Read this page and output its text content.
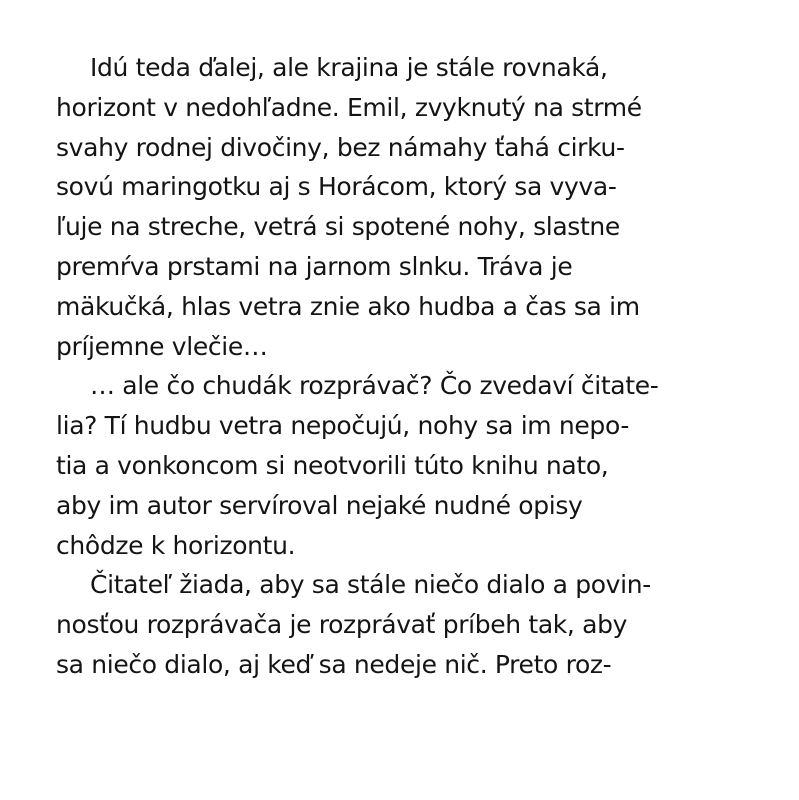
Idú teda ďalej, ale krajina je stále rovnaká,
horizont v nedohľadne. Emil, zvyknutý na strmé
svahy rodnej divočiny, bez námahy ťahá cirku-
sovú maringotku aj s Horácom, ktorý sa vyva-
ľuje na streche, vetrá si spotené nohy, slastne
premŕva prstami na jarnom slnku. Tráva je
mäkučká, hlas vetra znie ako hudba a čas sa im
príjemne vlečie…
… ale čo chudák rozprávač? Čo zvedaví čitate-
lia? Tí hudbu vetra nepočujú, nohy sa im nepo-
tia a vonkoncom si neotvorili túto knihu nato,
aby im autor servíroval nejaké nudné opisy
chôdze k horizontu.
Čitateľ žiada, aby sa stále niečo dialo a povin-
nosťou rozprávača je rozprávať príbeh tak, aby
sa niečo dialo, aj keď sa nedeje nič. Preto roz-
